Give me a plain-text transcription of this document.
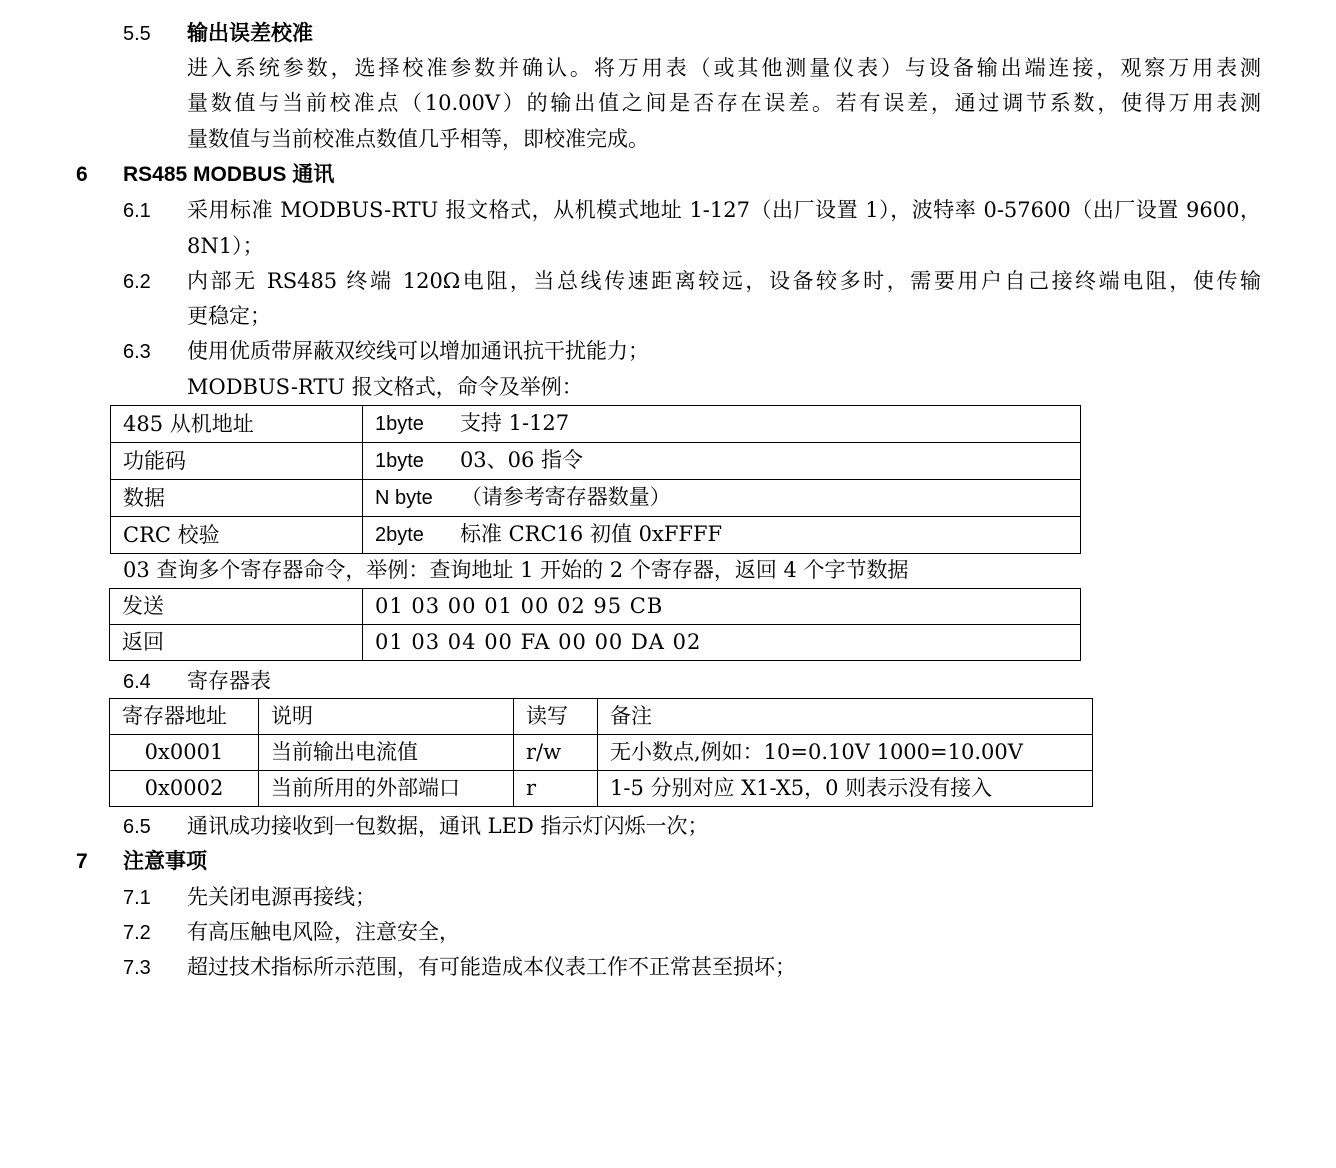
5.5 输出误差校准
进入系统参数，选择校准参数并确认。将万用表（或其他测量仪表）与设备输出端连接，观察万用表测
量数值与当前校准点（10.00V）的输出值之间是否存在误差。若有误差，通过调节系数，使得万用表测
量数值与当前校准点数值几乎相等，即校准完成。
6 RS485 MODBUS 通讯
6.1 采用标准 MODBUS-RTU 报文格式，从机模式地址 1-127（出厂设置 1），波特率 0-57600（出厂设置 9600，
8N1）；
6.2 内部无 RS485 终端 120Ω电阻，当总线传速距离较远，设备较多时，需要用户自己接终端电阻，使传输
更稳定；
6.3 使用优质带屏蔽双绞线可以增加通讯抗干扰能力；
MODBUS-RTU 报文格式，命令及举例：
485 从机地址	1byte 支持 1-127
功能码	1byte 03、06 指令
数据	N byte （请参考寄存器数量）
CRC 校验	2byte 标准 CRC16 初值 0xFFFF
03 查询多个寄存器命令，举例：查询地址 1 开始的 2 个寄存器，返回 4 个字节数据
发送	01 03 00 01 00 02 95 CB
返回	01 03 04 00 FA 00 00 DA 02
6.4 寄存器表
寄存器地址	说明	读写	备注
0x0001	当前输出电流值	r/w	无小数点,例如：10=0.10V 1000=10.00V
0x0002	当前所用的外部端口	r	1-5 分别对应 X1-X5，0 则表示没有接入
6.5 通讯成功接收到一包数据，通讯 LED 指示灯闪烁一次；
7 注意事项
7.1 先关闭电源再接线；
7.2 有高压触电风险，注意安全，
7.3 超过技术指标所示范围，有可能造成本仪表工作不正常甚至损坏；
